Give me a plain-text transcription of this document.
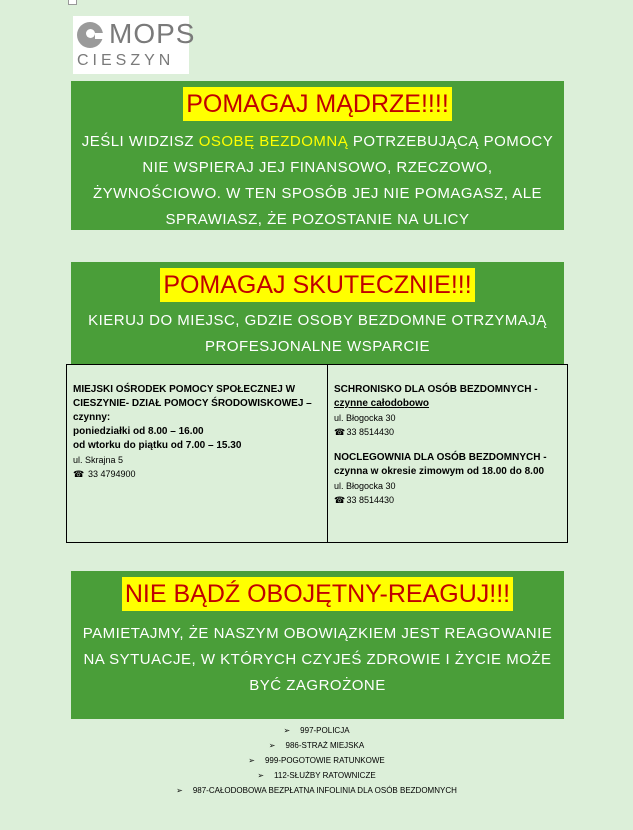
MOPS
CIESZYN
POMAGAJ MĄDRZE!!!!

JEŚLI WIDZISZ OSOBĘ BEZDOMNĄ POTRZEBUJĄCĄ POMOCY NIE WSPIERAJ JEJ FINANSOWO, RZECZOWO, ŻYWNOŚCIOWO. W TEN SPOSÓB JEJ NIE POMAGASZ, ALE SPRAWIASZ, ŻE POZOSTANIE NA ULICY

POMAGAJ SKUTECZNIE!!!

KIERUJ DO MIEJSC, GDZIE OSOBY BEZDOMNE OTRZYMAJĄ PROFESJONALNE WSPARCIE

MIEJSKI OŚRODEK POMOCY SPOŁECZNEJ W CIESZYNIE- DZIAŁ POMOCY ŚRODOWISKOWEJ – czynny:
poniedziałki od 8.00 – 16.00
od wtorku do piątku od 7.00 – 15.30
ul. Skrajna 5
☎ 33 4794900
SCHRONISKO DLA OSÓB BEZDOMNYCH -
czynne całodobowo
ul. Błogocka 30
☎ 33 8514430
NOCLEGOWNIA DLA OSÓB BEZDOMNYCH - czynna w okresie zimowym od 18.00 do 8.00
ul. Błogocka 30
☎ 33 8514430
NIE BĄDŹ OBOJĘTNY-REAGUJ!!!

PAMIETAJMY, ŻE NASZYM OBOWIĄZKIEM JEST REAGOWANIE NA SYTUACJE, W KTÓRYCH CZYJEŚ ZDROWIE I ŻYCIE MOŻE BYĆ ZAGROŻONE

➢ 997-POLICJA
➢ 986-STRAŻ MIEJSKA
➢ 999-POGOTOWIE RATUNKOWE
➢ 112-SŁUŻBY RATOWNICZE
➢ 987-CAŁODOBOWA BEZPŁATNA INFOLINIA DLA OSÓB BEZDOMNYCH
